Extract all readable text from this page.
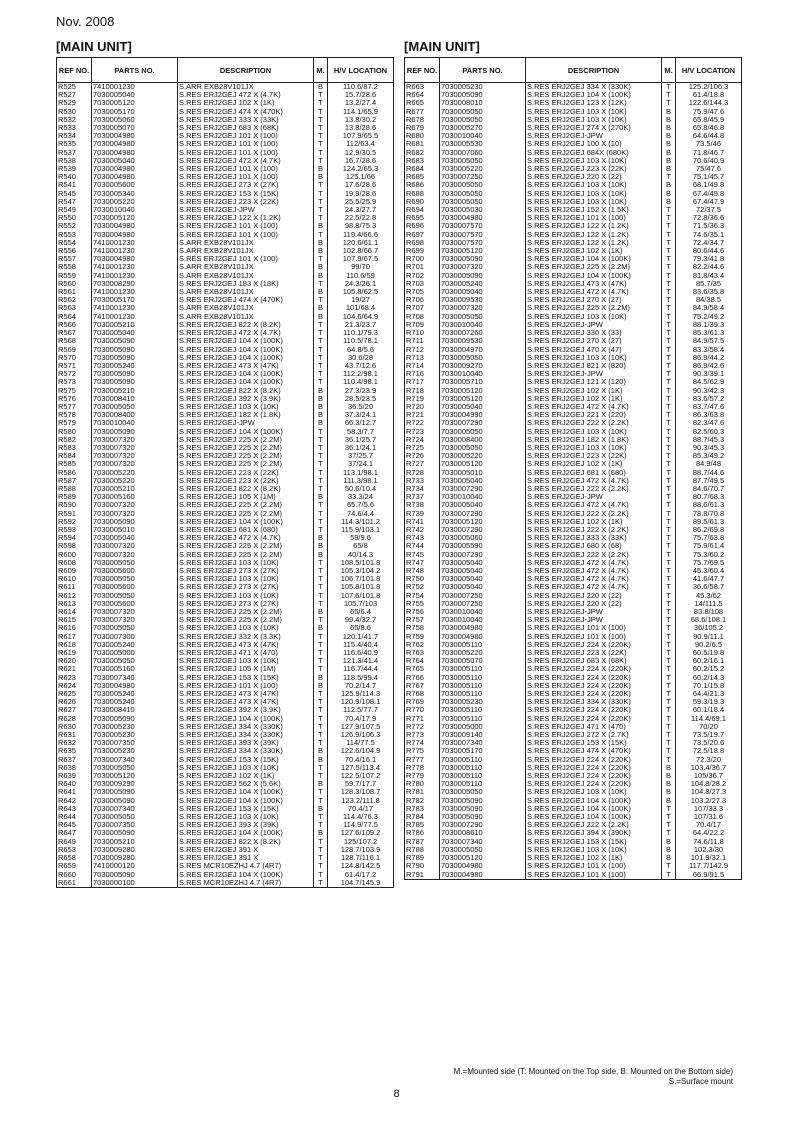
Nov. 2008
[MAIN UNIT]
REF NO.	PARTS NO.	DESCRIPTION	M.	H/V LOCATION
R525	7410001230	S.ARR EXB28V101JX	B	110.6/87.2
R527	7030005040	S.RES ERJ2GEJ 472 X (4.7K)	T	15.7/28.6
R529	7030005120	S.RES ERJ2GEJ 102 X (1K)	T	13.2/27.4
R530	7030005170	S.RES ERJ2GEJ 474 X (470K)	T	114.1/65.9
R532	7030005060	S.RES ERJ2GEJ 333 X (33K)	T	13.8/30.2
R533	7030005070	S.RES ERJ2GEJ 683 X (68K)	T	13.8/28.6
R534	7030004980	S.RES ERJ2GEJ 101 X (100)	T	107.9/65.5
R535	7030004980	S.RES ERJ2GEJ 101 X (100)	T	112/63.4
R537	7030004980	S.RES ERJ2GEJ 101 X (100)	T	12.9/30.5
R538	7030005040	S.RES ERJ2GEJ 472 X (4.7K)	T	16.7/28.6
R539	7030004980	S.RES ERJ2GEJ 101 X (100)	B	124.2/65.3
R540	7030004980	S.RES ERJ2GEJ 101 X (100)	B	125.1/66
R541	7030005600	S.RES ERJ2GEJ 273 X (27K)	T	17.6/28.6
R545	7030005340	S.RES ERJ2GEJ 153 X (15K)	T	19.9/28.6
R547	7030005220	S.RES ERJ2GEJ 223 X (22K)	T	25.5/25.9
R549	7030010040	S.RES ERJ2GEJ-JPW	T	24.3/27.7
R550	7030005120	S.RES ERJ2GEJ 122 X (1.2K)	T	22.5/22.8
R552	7030004980	S.RES ERJ2GEJ 101 X (100)	B	98.8/75.3
R553	7030004980	S.RES ERJ2GEJ 101 X (100)	T	119.4/66.6
R554	7410001230	S.ARR EXB28V101JX	B	120.6/61.1
R556	7410001230	S.ARR EXB28V101JX	B	102.8/66.7
R557	7030004980	S.RES ERJ2GEJ 101 X (100)	T	107.9/67.5
R558	7410001230	S.ARR EXB28V101JX	B	99/70
R559	7410001230	S.ARR EXB28V101JX	B	110.6/59
R560	7030008290	S.RES ERJ2GEJ 183 X (18K)	T	24.3/26.1
R561	7410001230	S.ARR EXB28V101JX	B	105.8/62.5
R562	7030005170	S.RES ERJ2GEJ 474 X (470K)	T	19/27
R563	7410001230	S.ARR EXB28V101JX	B	101/68.4
R564	7410001230	S.ARR EXB28V101JX	B	104.6/64.9
R566	7030005210	S.RES ERJ2GEJ 822 X (8.2K)	T	21.3/23.7
R567	7030005040	S.RES ERJ2GEJ 472 X (4.7K)	T	110.1/79.3
R568	7030005090	S.RES ERJ2GEJ 104 X (100K)	T	110.5/78.1
R569	7030005090	S.RES ERJ2GEJ 104 X (100K)	T	64.8/5.6
R570	7030005090	S.RES ERJ2GEJ 104 X (100K)	T	30.6/28
R571	7030005240	S.RES ERJ2GEJ 473 X (47K)	T	43.7/12.6
R572	7030005090	S.RES ERJ2GEJ 104 X (100K)	T	112.2/98.1
R573	7030005090	S.RES ERJ2GEJ 104 X (100K)	T	110.4/98.1
R575	7030005210	S.RES ERJ2GEJ 822 X (8.2K)	B	27.3/23.9
R576	7030008410	S.RES ERJ2GEJ 392 X (3.9K)	B	28.5/23.5
R577	7030005050	S.RES ERJ2GEJ 103 X (10K)	B	36.5/20
R578	7030008400	S.RES ERJ2GEJ 182 X (1.8K)	B	37.3/24.1
R579	7030010040	S.RES ERJ2GEJ-JPW	B	66.3/12.7
R580	7030005090	S.RES ERJ2GEJ 104 X (100K)	T	58.3/7.7
R582	7030007320	S.RES ERJ2GEJ 225 X (2.2M)	T	36.1/25.7
R583	7030007320	S.RES ERJ2GEJ 225 X (2.2M)	T	36.1/24.1
R584	7030007320	S.RES ERJ2GEJ 225 X (2.2M)	T	37/25.7
R585	7030007320	S.RES ERJ2GEJ 225 X (2.2M)	T	37/24.1
R586	7030005220	S.RES ERJ2GEJ 223 X (22K)	T	113.1/98.1
R587	7030005220	S.RES ERJ2GEJ 223 X (22K)	T	111.3/98.1
R588	7030005210	S.RES ERJ2GEJ 822 X (8.2K)	T	50.6/10.4
R589	7030005160	S.RES ERJ2GEJ 105 X (1M)	B	33.3/24
R590	7030007320	S.RES ERJ2GEJ 225 X (2.2M)	T	65.7/5.6
R591	7030007320	S.RES ERJ2GEJ 225 X (2.2M)	T	74.6/4.4
R592	7030005090	S.RES ERJ2GEJ 104 X (100K)	T	114.3/101.2
R593	7030005010	S.RES ERJ2GEJ 681 X (680)	T	115.9/103.1
R594	7030005040	S.RES ERJ2GEJ 472 X (4.7K)	B	59/9.6
R598	7030007320	S.RES ERJ2GEJ 225 X (2.2M)	B	65/8
R600	7030007320	S.RES ERJ2GEJ 225 X (2.2M)	B	40/14.3
R608	7030005050	S.RES ERJ2GEJ 103 X (10K)	T	108.5/101.8
R609	7030005600	S.RES ERJ2GEJ 273 X (27K)	T	105.3/104.2
R610	7030005050	S.RES ERJ2GEJ 103 X (10K)	T	106.7/101.8
R611	7030005600	S.RES ERJ2GEJ 273 X (27K)	T	105.8/101.8
R612	7030005050	S.RES ERJ2GEJ 103 X (10K)	T	107.6/101.8
R613	7030005600	S.RES ERJ2GEJ 273 X (27K)	T	105.7/103
R614	7030007320	S.RES ERJ2GEJ 225 X (2.2M)	B	65/6.4
R615	7030007320	S.RES ERJ2GEJ 225 X (2.2M)	T	99.4/32.7
R616	7030005050	S.RES ERJ2GEJ 103 X (10K)	B	65/8.6
R617	7030007300	S.RES ERJ2GEJ 332 X (3.3K)	T	120.1/41.7
R618	7030005240	S.RES ERJ2GEJ 473 X (47K)	T	115.4/40.4
R619	7030005000	S.RES ERJ2GEJ 471 X (470)	T	116.6/40.9
R620	7030005050	S.RES ERJ2GEJ 103 X (10K)	T	121.3/41.4
R621	7030005160	S.RES ERJ2GEJ 105 X (1M)	T	116.7/44.4
R623	7030007340	S.RES ERJ2GEJ 153 X (15K)	B	118.5/99.4
R624	7030004980	S.RES ERJ2GEJ 101 X (100)	B	70.2/14.7
R625	7030005240	S.RES ERJ2GEJ 473 X (47K)	T	125.9/114.3
R626	7030005240	S.RES ERJ2GEJ 473 X (47K)	T	120.9/108.1
R627	7030008410	S.RES ERJ2GEJ 392 X (3.9K)	T	112.5/77.7
R628	7030005090	S.RES ERJ2GEJ 104 X (100K)	T	70.4/17.9
R630	7030005230	S.RES ERJ2GEJ 334 X (330K)	T	127.9/107.5
R631	7030005230	S.RES ERJ2GEJ 334 X (330K)	T	126.9/106.3
R632	7030007350	S.RES ERJ2GEJ 393 X (39K)	T	114/77.5
R635	7030005230	S.RES ERJ2GEJ 334 X (330K)	B	122.6/104.9
R637	7030007340	S.RES ERJ2GEJ 153 X (15K)	B	70.4/16.1
R638	7030005050	S.RES ERJ2GEJ 103 X (10K)	T	127.5/113.4
R639	7030005120	S.RES ERJ2GEJ 102 X (1K)	T	122.5/107.2
R640	7030009290	S.RES ERJ2GEJ 562 X (5.6K)	B	59.7/17.7
R641	7030005090	S.RES ERJ2GEJ 104 X (100K)	T	128.3/108.7
R642	7030005090	S.RES ERJ2GEJ 104 X (100K)	T	123.2/111.8
R643	7030007340	S.RES ERJ2GEJ 153 X (15K)	B	70.4/17
R644	7030005050	S.RES ERJ2GEJ 103 X (10K)	T	114.4/76.3
R645	7030007350	S.RES ERJ2GEJ 393 X (39K)	T	114.9/77.5
R647	7030005090	S.RES ERJ2GEJ 104 X (100K)	B	127.6/109.2
R649	7030005210	S.RES ERJ2GEJ 822 X (8.2K)	T	125/107.2
R653	7030009280	S.RES ERJ2GEJ 391 X	T	128.7/103.9
R658	7030009280	S.RES ERJ2GEJ 391 X	T	128.7/116.1
R659	7410000120	S.RES MCR10EZHJ 4.7 (4R7)	T	124.8/142.5
R660	7030005090	S.RES ERJ2GEJ 104 X (100K)	T	61.4/17.2
R661	7030000100	S.RES MCR10EZHJ 4.7 (4R7)	T	104.7/145.9
[MAIN UNIT]
REF NO.	PARTS NO.	DESCRIPTION	M.	H/V LOCATION
R663	7030005230	S.RES ERJ2GEJ 334 X (330K)	T	125.2/106.3
R664	7030005090	S.RES ERJ2GEJ 104 X (100K)	T	61.4/18.8
R665	7030008010	S.RES ERJ2GEJ 123 X (12K)	T	122.6/144.3
R677	7030005050	S.RES ERJ2GEJ 103 X (10K)	B	75.9/47.6
R678	7030005050	S.RES ERJ2GEJ 103 X (10K)	B	65.8/45.9
R679	7030005270	S.RES ERJ2GEJ 274 X (270K)	B	65.8/46.8
R680	7030010040	S.RES ERJ2GEJ-JPW	B	64.6/44.8
R681	7030005530	S.RES ERJ2GEJ 100 X (10)	B	73.5/46
R682	7030007060	S.RES ERJ2GEJ 684X (680K)	B	71.8/46.7
R683	7030005050	S.RES ERJ2GEJ 103 X (10K)	B	70.6/40.9
R684	7030005220	S.RES ERJ2GEJ 223 X (22K)	B	75/47.6
R685	7030007250	S.RES ERJ2GEJ 220 X (22)	T	75.1/45.7
R686	7030005050	S.RES ERJ2GEJ 103 X (10K)	B	68.1/49.8
R688	7030005050	S.RES ERJ2GEJ 103 X (10K)	B	67.4/49.8
R690	7030005050	S.RES ERJ2GEJ 103 X (10K)	B	67.4/47.9
R694	7030005030	S.RES ERJ2GEJ 152 X (1.5K)	T	72/37.5
R695	7030004980	S.RES ERJ2GEJ 101 X (100)	T	72.8/36.6
R696	7030007570	S.RES ERJ2GEJ 122 X (1.2K)	T	71.5/36.3
R697	7030007570	S.RES ERJ2GEJ 122 X (1.2K)	T	74.6/35.1
R698	7030007570	S.RES ERJ2GEJ 122 X (1.2K)	T	72.4/34.7
R699	7030005120	S.RES ERJ2GEJ 102 X (1K)	T	80.6/44.6
R700	7030005090	S.RES ERJ2GEJ 104 X (100K)	T	79.3/41.8
R701	7030007320	S.RES ERJ2GEJ 225 X (2.2M)	T	82.2/44.6
R702	7030005090	S.RES ERJ2GEJ 104 X (100K)	T	81.8/43.4
R703	7030005240	S.RES ERJ2GEJ 473 X (47K)	T	85.7/35
R705	7030005040	S.RES ERJ2GEJ 472 X (4.7K)	T	83.6/35.8
R706	7030009530	S.RES ERJ2GEJ 270 X (27)	T	84/38.5
R707	7030007320	S.RES ERJ2GEJ 225 X (2.2M)	T	84.9/58.4
R708	7030005050	S.RES ERJ2GEJ 103 X (10K)	T	75.2/49.2
R709	7030010040	S.RES ERJ2GEJ-JPW	T	88.1/39.3
R710	7030007260	S.RES ERJ2GEJ 330 X (33)	T	85.3/61.3
R711	7030009530	S.RES ERJ2GEJ 270 X (27)	T	84.9/57.5
R712	7030004970	S.RES ERJ2GEJ 470 X (47)	T	83.3/58.4
R713	7030005050	S.RES ERJ2GEJ 103 X (10K)	T	86.9/44.2
R714	7030009270	S.RES ERJ2GEJ 821 X (820)	T	86.9/42.6
R716	7030010040	S.RES ERJ2GEJ-JPW	T	90.3/39.1
R717	7030005710	S.RES ERJ2GEJ 121 X (120)	T	84.5/62.9
R718	7030005120	S.RES ERJ2GEJ 102 X (1K)	T	90.3/42.3
R719	7030005120	S.RES ERJ2GEJ 102 X (1K)	T	83.6/57.2
R720	7030005040	S.RES ERJ2GEJ 472 X (4.7K)	T	83.7/47.6
R721	7030004990	S.RES ERJ2GEJ 221 X (220)	T	86.3/63.8
R722	7030007290	S.RES ERJ2GEJ 222 X (2.2K)	T	82.3/47.6
R723	7030005050	S.RES ERJ2GEJ 103 X (10K)	T	82.5/60.3
R724	7030008400	S.RES ERJ2GEJ 182 X (1.8K)	T	88.7/45.3
R725	7030005050	S.RES ERJ2GEJ 103 X (10K)	T	90.3/45.3
R726	7030005220	S.RES ERJ2GEJ 223 X (22K)	T	85.3/49.2
R727	7030005120	S.RES ERJ2GEJ 102 X (1K)	T	84.9/48
R728	7030005010	S.RES ERJ2GEJ 681 X (680)	T	88.7/44.6
R733	7030005040	S.RES ERJ2GEJ 472 X (4.7K)	T	87.7/49.5
R734	7030007290	S.RES ERJ2GEJ 222 X (2.2K)	T	84.6/70.7
R737	7030010040	S.RES ERJ2GEJ-JPW	T	80.7/68.3
R738	7030005040	S.RES ERJ2GEJ 472 X (4.7K)	T	88.6/61.3
R739	7030007290	S.RES ERJ2GEJ 222 X (2.2K)	T	78.8/70.8
R741	7030005120	S.RES ERJ2GEJ 102 X (1K)	T	89.5/61.3
R742	7030007290	S.RES ERJ2GEJ 222 X (2.2K)	T	86.2/69.8
R743	7030005060	S.RES ERJ2GEJ 333 X (33K)	T	75.7/63.8
R744	7030005590	S.RES ERJ2GEJ 680 X (68)	T	75.9/61.4
R745	7030007290	S.RES ERJ2GEJ 222 X (2.2K)	T	75.3/60.2
R747	7030005040	S.RES ERJ2GEJ 472 X (4.7K)	T	75.7/69.5
R748	7030005040	S.RES ERJ2GEJ 472 X (4.7K)	T	45.3/60.4
R750	7030005040	S.RES ERJ2GEJ 472 X (4.7K)	T	41.6/47.7
R752	7030005040	S.RES ERJ2GEJ 472 X (4.7K)	T	36.6/58.7
R754	7030007250	S.RES ERJ2GEJ 220 X (22)	T	45.3/62
R755	7030007250	S.RES ERJ2GEJ 220 X (22)	T	14/111.5
R756	7030010040	S.RES ERJ2GEJ-JPW	T	83.8/108
R757	7030010040	S.RES ERJ2GEJ-JPW	T	68.6/108.1
R758	7030004980	S.RES ERJ2GEJ 101 X (100)	T	36/105.2
R759	7030004980	S.RES ERJ2GEJ 101 X (100)	T	90.9/11.1
R762	7030005110	S.RES ERJ2GEJ 224 X (220K)	T	90.2/6.5
R763	7030005220	S.RES ERJ2GEJ 223 X (22K)	T	60.5/19.8
R764	7030005070	S.RES ERJ2GEJ 683 X (68K)	T	60.2/16.1
R765	7030005110	S.RES ERJ2GEJ 224 X (220K)	T	60.2/15.2
R766	7030005110	S.RES ERJ2GEJ 224 X (220K)	T	60.2/14.3
R767	7030005110	S.RES ERJ2GEJ 224 X (220K)	T	70.1/15.8
R768	7030005110	S.RES ERJ2GEJ 224 X (220K)	T	64.4/21.3
R769	7030005230	S.RES ERJ2GEJ 334 X (330K)	T	59.3/19.3
R770	7030005110	S.RES ERJ2GEJ 224 X (220K)	T	60.1/18.4
R771	7030005110	S.RES ERJ2GEJ 224 X (220K)	T	114.4/69.1
R772	7030005000	S.RES ERJ2GEJ 471 X (470)	T	70/20
R773	7030009140	S.RES ERJ2GEJ 272 X (2.7K)	T	73.5/19.7
R774	7030007340	S.RES ERJ2GEJ 153 X (15K)	T	73.5/20.6
R775	7030005170	S.RES ERJ2GEJ 474 X (470K)	T	72.5/18.8
R777	7030005110	S.RES ERJ2GEJ 224 X (220K)	T	72.3/20
R778	7030005110	S.RES ERJ2GEJ 224 X (220K)	B	103.4/36.7
R779	7030005110	S.RES ERJ2GEJ 224 X (220K)	B	105/36.7
R780	7030005110	S.RES ERJ2GEJ 224 X (220K)	B	104.8/28.2
R781	7030005050	S.RES ERJ2GEJ 103 X (10K)	B	104.8/27.3
R782	7030005090	S.RES ERJ2GEJ 104 X (100K)	B	103.2/27.3
R783	7030005090	S.RES ERJ2GEJ 104 X (100K)	T	107/33.3
R784	7030005090	S.RES ERJ2GEJ 104 X (100K)	T	107/31.6
R785	7030007290	S.RES ERJ2GEJ 222 X (2.2K)	T	70.4/17
R786	7030008610	S.RES ERJ2GEJ 394 X (390K)	T	64.4/22.2
R787	7030007340	S.RES ERJ2GEJ 153 X (15K)	B	74.6/11.8
R788	7030005050	S.RES ERJ2GEJ 103 X (10K)	B	102.3/30
R789	7030005120	S.RES ERJ2GEJ 102 X (1K)	B	101.9/32.1
R790	7030004980	S.RES ERJ2GEJ 101 X (100)	T	117.7/142.9
R791	7030004980	S.RES ERJ2GEJ 101 X (100)	T	66.9/91.5
M.=Mounted side (T: Mounted on the Top side, B: Mounted on the Bottom side)
S.=Surface mount
8
